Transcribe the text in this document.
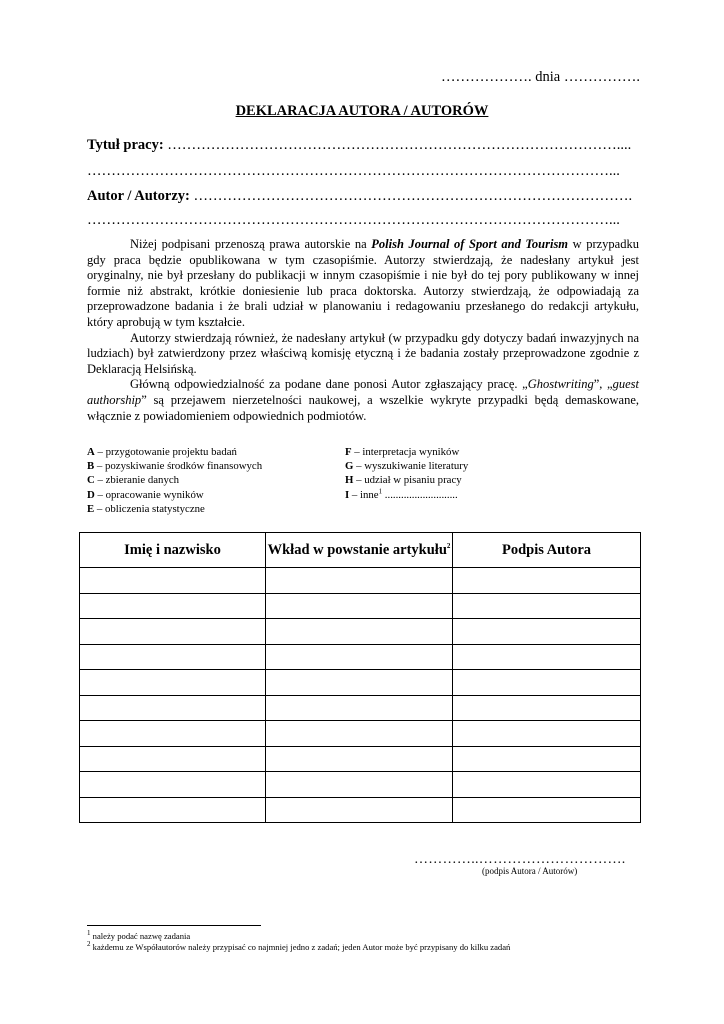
………………. dnia …………….
DEKLARACJA AUTORA / AUTORÓW
Tytuł pracy: …………………………………………………………………………………....
………………………………………………………………………………………………...
Autor / Autorzy: ……………………………………………………………………………….
………………………………………………………………………………………………...

Niżej podpisani przenoszą prawa autorskie na Polish Journal of Sport and Tourism w przypadku gdy praca będzie opublikowana w tym czasopiśmie. Autorzy stwierdzają, że nadesłany artykuł jest oryginalny, nie był przesłany do publikacji w innym czasopiśmie i nie był do tej pory publikowany w innej formie niż abstrakt, krótkie doniesienie lub praca doktorska. Autorzy stwierdzają, że odpowiadają za przeprowadzone badania i że brali udział w planowaniu i redagowaniu przesłanego do redakcji artykułu, który aprobują w tym kształcie.

Autorzy stwierdzają również, że nadesłany artykuł (w przypadku gdy dotyczy badań inwazyjnych na ludziach) był zatwierdzony przez właściwą komisję etyczną i że badania zostały przeprowadzone zgodnie z Deklaracją Helsińską.

Główną odpowiedzialność za podane dane ponosi Autor zgłaszający pracę. „Ghostwriting”, „guest authorship” są przejawem nierzetelności naukowej, a wszelkie wykryte przypadki będą demaskowane, włącznie z powiadomieniem odpowiednich podmiotów.

A – przygotowanie projektu badań
B – pozyskiwanie środków finansowych
C – zbieranie danych
D – opracowanie wyników
E – obliczenia statystyczne
F – interpretacja wyników
G – wyszukiwanie literatury
H – udział w pisaniu pracy
I – inne$^1$ ...........................
Imię i nazwisko	Wkład w powstanie artykułu$^2$	Podpis Autora

…………..………………………….
(podpis Autora / Autorów)
$^1$ należy podać nazwę zadania
$^2$ każdemu ze Współautorów należy przypisać co najmniej jedno z zadań; jeden Autor może być przypisany do kilku zadań
